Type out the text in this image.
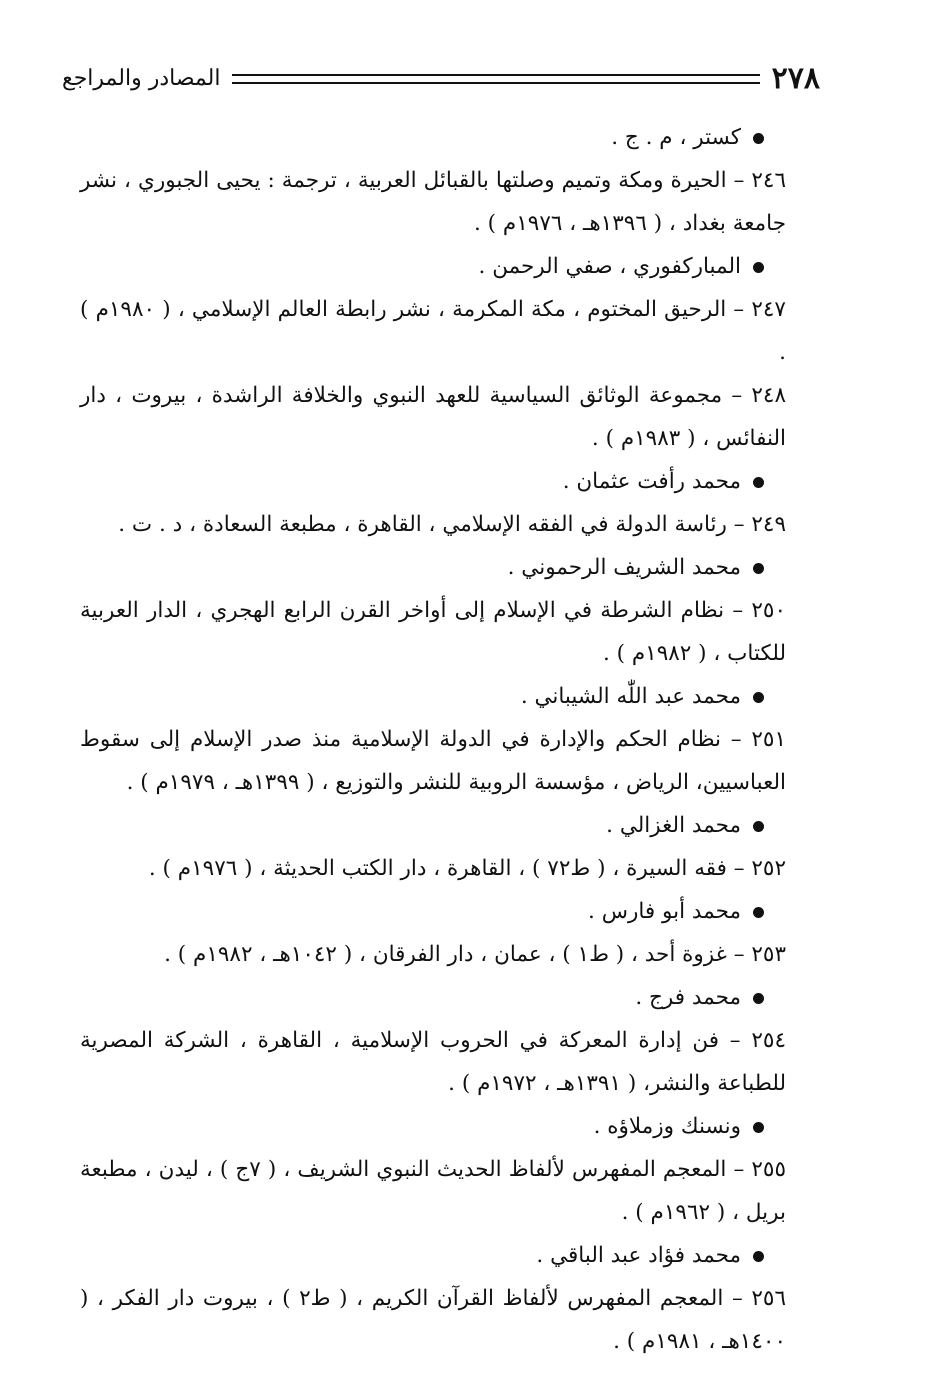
٢٧٨
المصادر والمراجع

كستر ، م . ج .

٢٤٦ – الحيرة ومكة وتميم وصلتها بالقبائل العربية ، ترجمة : يحيى الجبوري ، نشر جامعة بغداد ، ( ١٣٩٦هـ ، ١٩٧٦م ) .

المباركفوري ، صفي الرحمن .

٢٤٧ – الرحيق المختوم ، مكة المكرمة ، نشر رابطة العالم الإسلامي ، ( ١٩٨٠م ) .

٢٤٨ – مجموعة الوثائق السياسية للعهد النبوي والخلافة الراشدة ، بيروت ، دار النفائس ، ( ١٩٨٣م ) .

محمد رأفت عثمان .

٢٤٩ – رئاسة الدولة في الفقه الإسلامي ، القاهرة ، مطبعة السعادة ، د . ت .

محمد الشريف الرحموني .

٢٥٠ – نظام الشرطة في الإسلام إلى أواخر القرن الرابع الهجري ، الدار العربية للكتاب ، ( ١٩٨٢م ) .

محمد عبد اللّٰه الشيباني .

٢٥١ – نظام الحكم والإدارة في الدولة الإسلامية منذ صدر الإسلام إلى سقوط العباسيين، الرياض ، مؤسسة الروبية للنشر والتوزيع ، ( ١٣٩٩هـ ، ١٩٧٩م ) .

محمد الغزالي .

٢٥٢ – فقه السيرة ، ( ط٧٢ ) ، القاهرة ، دار الكتب الحديثة ، ( ١٩٧٦م ) .

محمد أبو فارس .

٢٥٣ – غزوة أحد ، ( ط١ ) ، عمان ، دار الفرقان ، ( ١٠٤٢هـ ، ١٩٨٢م ) .

محمد فرج .

٢٥٤ – فن إدارة المعركة في الحروب الإسلامية ، القاهرة ، الشركة المصرية للطباعة والنشر، ( ١٣٩١هـ ، ١٩٧٢م ) .

ونسنك وزملاؤه .

٢٥٥ – المعجم المفهرس لألفاظ الحديث النبوي الشريف ، ( ٧ج ) ، ليدن ، مطبعة بريل ، ( ١٩٦٢م ) .

محمد فؤاد عبد الباقي .

٢٥٦ – المعجم المفهرس لألفاظ القرآن الكريم ، ( ط٢ ) ، بيروت دار الفكر ، ( ١٤٠٠هـ ، ١٩٨١م ) .
